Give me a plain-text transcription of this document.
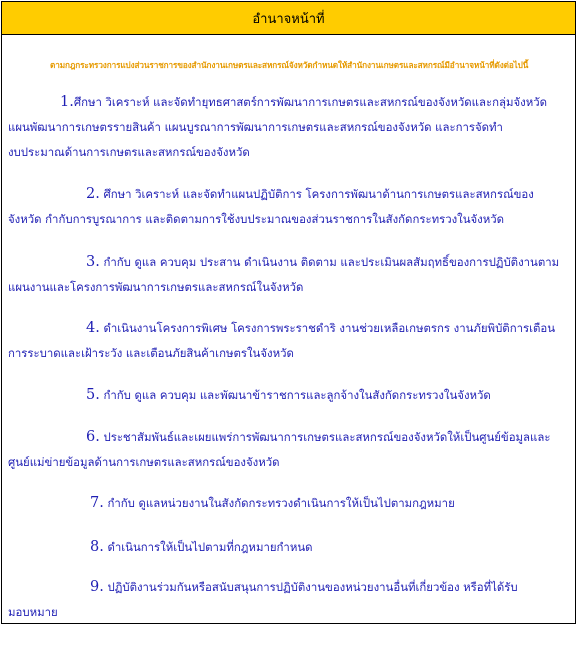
อำนาจหน้าที่
ตามกฎกระทรวงการแบ่งส่วนราชการของสำนักงานเกษตรและสหกรณ์จังหวัดกำหนดให้สำนักงานเกษตรและสหกรณ์มีอำนาจหน้าที่ดังต่อไปนี้
1.ศึกษา วิเคราะห์ และจัดทำยุทธศาสตร์การพัฒนาการเกษตรและสหกรณ์ของจังหวัดและกลุ่มจังหวัด
แผนพัฒนาการเกษตรรายสินค้า แผนบูรณาการพัฒนาการเกษตรและสหกรณ์ของจังหวัด และการจัดทำ
งบประมาณด้านการเกษตรและสหกรณ์ของจังหวัด
2. ศึกษา วิเคราะห์ และจัดทำแผนปฏิบัติการ โครงการพัฒนาด้านการเกษตรและสหกรณ์ของ
จังหวัด กำกับการบูรณาการ และติดตามการใช้งบประมาณของส่วนราชการในสังกัดกระทรวงในจังหวัด
3. กำกับ ดูแล ควบคุม ประสาน ดำเนินงาน ติดตาม และประเมินผลสัมฤทธิ์ของการปฏิบัติงานตาม
แผนงานและโครงการพัฒนาการเกษตรและสหกรณ์ในจังหวัด
4. ดำเนินงานโครงการพิเศษ โครงการพระราชดำริ งานช่วยเหลือเกษตรกร งานภัยพิบัติการเตือน
การระบาดและเฝ้าระวัง และเตือนภัยสินค้าเกษตรในจังหวัด
5. กำกับ ดูแล ควบคุม และพัฒนาข้าราชการและลูกจ้างในสังกัดกระทรวงในจังหวัด
6. ประชาสัมพันธ์และเผยแพร่การพัฒนาการเกษตรและสหกรณ์ของจังหวัดให้เป็นศูนย์ข้อมูลและ
ศูนย์แม่ข่ายข้อมูลด้านการเกษตรและสหกรณ์ของจังหวัด
7. กำกับ ดูแลหน่วยงานในสังกัดกระทรวงดำเนินการให้เป็นไปตามกฎหมาย
8. ดำเนินการให้เป็นไปตามที่กฎหมายกำหนด
9. ปฏิบัติงานร่วมกันหรือสนับสนุนการปฏิบัติงานของหน่วยงานอื่นที่เกี่ยวข้อง หรือที่ได้รับ
มอบหมาย
